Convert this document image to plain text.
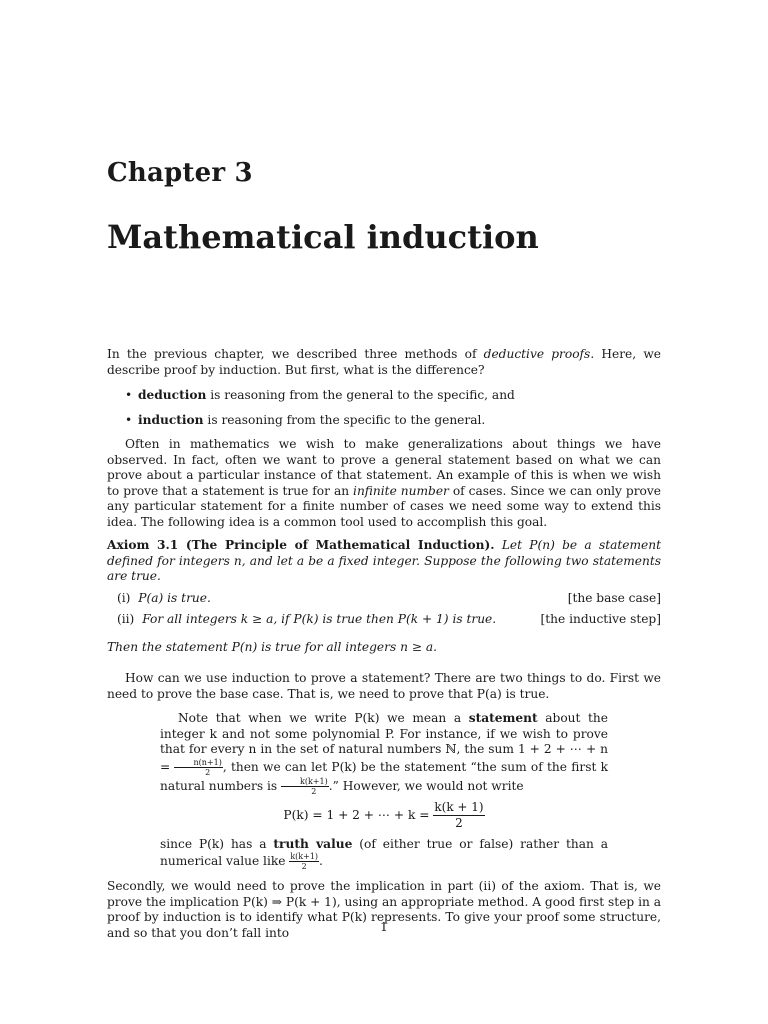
Chapter 3
Mathematical induction

In the previous chapter, we described three methods of deductive proofs. Here, we describe proof by induction. But first, what is the difference?

• deduction is reasoning from the general to the specific, and
• induction is reasoning from the specific to the general.

Often in mathematics we wish to make generalizations about things we have observed. In fact, often we want to prove a general statement based on what we can prove about a particular instance of that statement. An example of this is when we wish to prove that a statement is true for an infinite number of cases. Since we can only prove any particular statement for a finite number of cases we need some way to extend this idea. The following idea is a common tool used to accomplish this goal.

Axiom 3.1 (The Principle of Mathematical Induction). Let P(n) be a statement defined for integers n, and let a be a fixed integer. Suppose the following two statements are true.

(i) P(a) is true.	[the base case]
(ii) For all integers k ≥ a, if P(k) is true then P(k + 1) is true.	[the inductive step]

Then the statement P(n) is true for all integers n ≥ a.

How can we use induction to prove a statement? There are two things to do. First we need to prove the base case. That is, we need to prove that P(a) is true.

Note that when we write P(k) we mean a statement about the integer k and not some polynomial P. For instance, if we wish to prove that for every n in the set of natural numbers ℕ, the sum 1 + 2 + ⋯ + $n = \frac{n(n+1)}{2}$ , then we can let P(k) be the statement “the sum of the first k natural numbers is $\frac{k(k+1)}{2}$ .” However, we would not write

P(k) = 1 + 2 + ⋯ + $k = \frac{k(k + 1)}{2}$

since P(k) has a truth value (of either true or false) rather than a numerical value like $\frac{k(k+1)}{2}$ .

Secondly, we would need to prove the implication in part (ii) of the axiom. That is, we prove the implication P(k) ⇒ P(k + 1), using an appropriate method. A good first step in a proof by induction is to identify what P(k) represents. To give your proof some structure, and so that you don’t fall into	1
